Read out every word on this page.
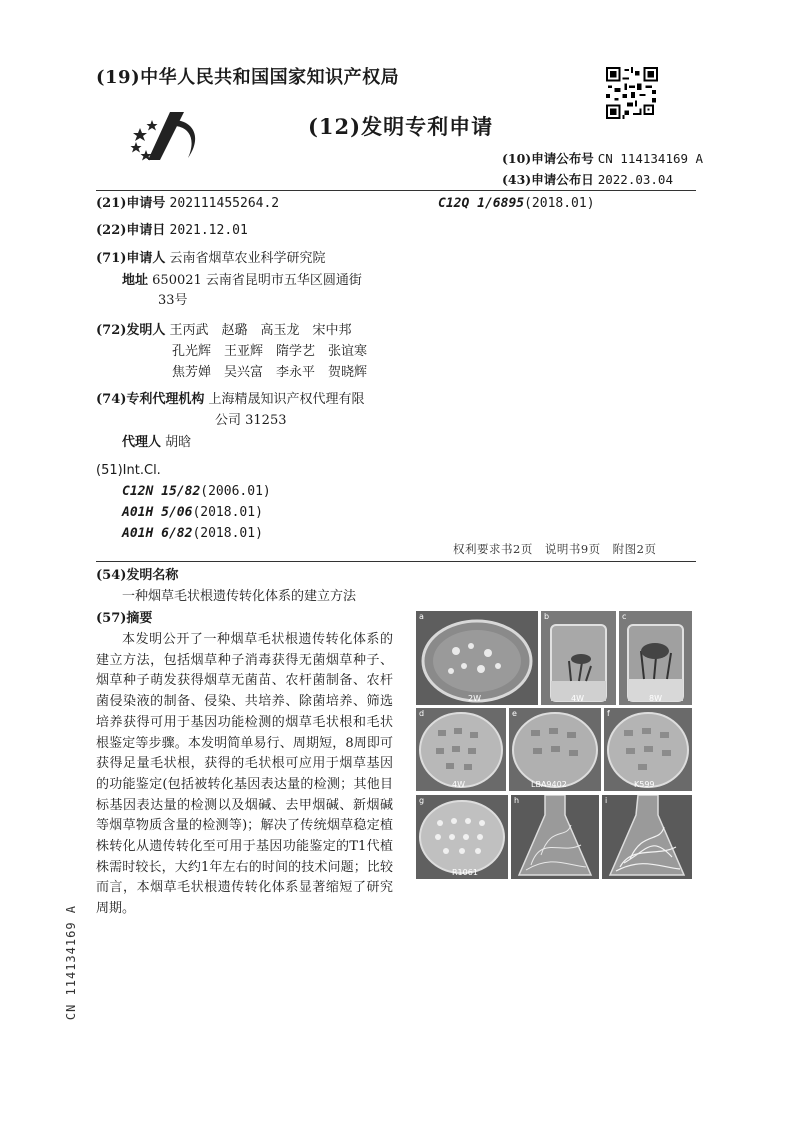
(19)中华人民共和国国家知识产权局
(12)发明专利申请
(10)申请公布号 CN 114134169 A
(43)申请公布日 2022.03.04
(21)申请号 202111455264.2	C12Q 1/6895(2018.01)
(22)申请日 2021.12.01
(71)申请人 云南省烟草农业科学研究院
地址 650021 云南省昆明市五华区圆通街
33号
(72)发明人 王丙武　赵璐　高玉龙　宋中邦
孔光辉　王亚辉　隋学艺　张谊寒
焦芳婵　吴兴富　李永平　贺晓辉
(74)专利代理机构 上海精晟知识产权代理有限
公司 31253
代理人 胡晗
(51)Int.Cl.
C12N 15/82(2006.01)
A01H 5/06(2018.01)
A01H 6/82(2018.01)
权利要求书2页　说明书9页　附图2页
(54)发明名称
一种烟草毛状根遗传转化体系的建立方法
(57)摘要
本发明公开了一种烟草毛状根遗传转化体系的建立方法，包括烟草种子消毒获得无菌烟草种子、烟草种子萌发获得烟草无菌苗、农杆菌制备、农杆菌侵染液的制备、侵染、共培养、除菌培养、筛选培养获得可用于基因功能检测的烟草毛状根和毛状根鉴定等步骤。本发明简单易行、周期短，8周即可获得足量毛状根，获得的毛状根可应用于烟草基因的功能鉴定(包括被转化基因表达量的检测；其他目标基因表达量的检测以及烟碱、去甲烟碱、新烟碱等烟草物质含量的检测等)；解决了传统烟草稳定植株转化从遗传转化至可用于基因功能鉴定的T1代植株需时较长，大约1年左右的时间的技术问题；比较而言，本烟草毛状根遗传转化体系显著缩短了研究周期。
a
2W
b
4W
c
8W
d
4W
e
LBA9402
f
K599
g
R1061
h	i
CN 114134169 A
